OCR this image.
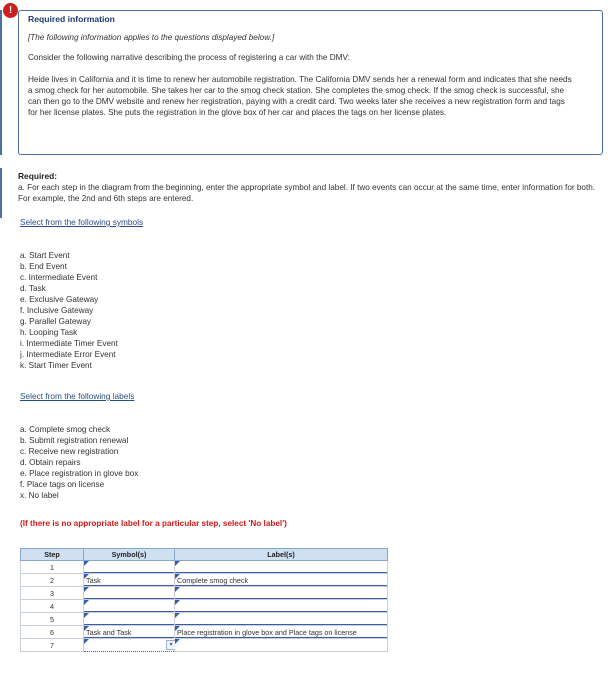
!
Required information
[The following information applies to the questions displayed below.]
Consider the following narrative describing the process of registering a car with the DMV:
Heide lives in California and it is time to renew her automobile registration. The California DMV sends her a renewal form and indicates that she needs a smog check for her automobile. She takes her car to the smog check station. She completes the smog check. If the smog check is successful, she can then go to the DMV website and renew her registration, paying with a credit card. Two weeks later she receives a new registration form and tags for her license plates. She puts the registration in the glove box of her car and places the tags on her license plates.
Required:
a. For each step in the diagram from the beginning, enter the appropriate symbol and label. If two events can occur at the same time, enter information for both. For example, the 2nd and 6th steps are entered.
Select from the following symbols
a. Start Event
b. End Event
c. Intermediate Event
d. Task
e. Exclusive Gateway
f. Inclusive Gateway
g. Parallel Gateway
h. Looping Task
i. Intermediate Timer Event
j. Intermediate Error Event
k. Start Timer Event
Select from the following labels
a. Complete smog check
b. Submit registration renewal
c. Receive new registration
d. Obtain repairs
e. Place registration in glove box
f. Place tags on license
x. No label
(If there is no appropriate label for a particular step, select 'No label')
Step	Symbol(s)	Label(s)
1	

2	Task	Complete smog check

3	

4	

5	

6	Task and Task	Place registration in glove box and Place tags on license

7	▾	
